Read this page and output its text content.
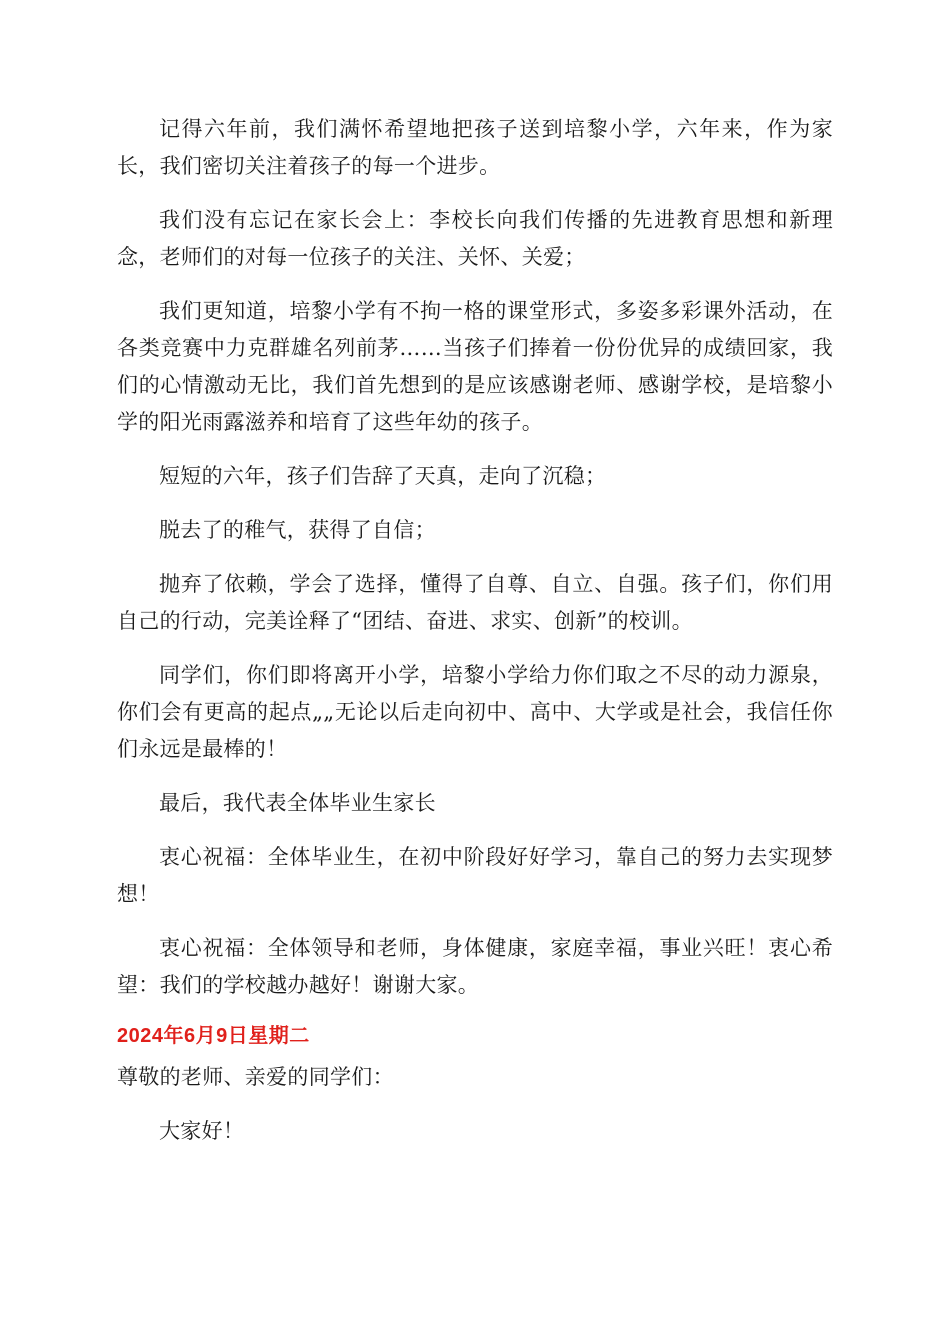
记得六年前，我们满怀希望地把孩子送到培黎小学，六年来，作为家长，我们密切关注着孩子的每一个进步。

我们没有忘记在家长会上：李校长向我们传播的先进教育思想和新理念，老师们的对每一位孩子的关注、关怀、关爱；

我们更知道，培黎小学有不拘一格的课堂形式，多姿多彩课外活动，在各类竞赛中力克群雄名列前茅……当孩子们捧着一份份优异的成绩回家，我们的心情激动无比，我们首先想到的是应该感谢老师、感谢学校，是培黎小学的阳光雨露滋养和培育了这些年幼的孩子。

短短的六年，孩子们告辞了天真，走向了沉稳；

脱去了的稚气，获得了自信；

抛弃了依赖，学会了选择，懂得了自尊、自立、自强。孩子们，你们用自己的行动，完美诠释了“团结、奋进、求实、创新”的校训。

同学们，你们即将离开小学，培黎小学给力你们取之不尽的动力源泉，你们会有更高的起点„„无论以后走向初中、高中、大学或是社会，我信任你们永远是最棒的！

最后，我代表全体毕业生家长

衷心祝福：全体毕业生，在初中阶段好好学习，靠自己的努力去实现梦想！

衷心祝福：全体领导和老师，身体健康，家庭幸福，事业兴旺！衷心希望：我们的学校越办越好！谢谢大家。

2024年6月9日星期二

尊敬的老师、亲爱的同学们：

大家好！
